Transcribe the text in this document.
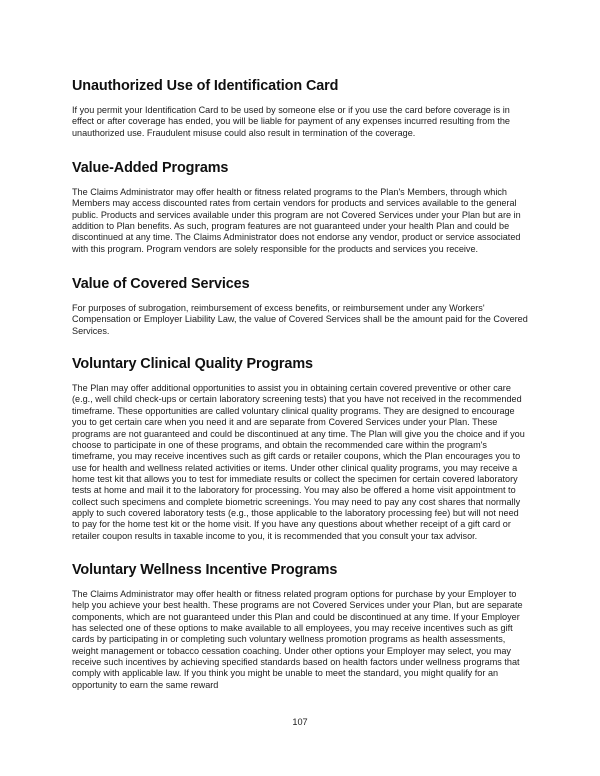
Unauthorized Use of Identification Card

If you permit your Identification Card to be used by someone else or if you use the card before coverage is in effect or after coverage has ended, you will be liable for payment of any expenses incurred resulting from the unauthorized use. Fraudulent misuse could also result in termination of the coverage.

Value-Added Programs

The Claims Administrator may offer health or fitness related programs to the Plan's Members, through which Members may access discounted rates from certain vendors for products and services available to the general public. Products and services available under this program are not Covered Services under your Plan but are in addition to Plan benefits. As such, program features are not guaranteed under your health Plan and could be discontinued at any time. The Claims Administrator does not endorse any vendor, product or service associated with this program. Program vendors are solely responsible for the products and services you receive.

Value of Covered Services

For purposes of subrogation, reimbursement of excess benefits, or reimbursement under any Workers' Compensation or Employer Liability Law, the value of Covered Services shall be the amount paid for the Covered Services.

Voluntary Clinical Quality Programs

The Plan may offer additional opportunities to assist you in obtaining certain covered preventive or other care (e.g., well child check-ups or certain laboratory screening tests) that you have not received in the recommended timeframe. These opportunities are called voluntary clinical quality programs. They are designed to encourage you to get certain care when you need it and are separate from Covered Services under your Plan. These programs are not guaranteed and could be discontinued at any time. The Plan will give you the choice and if you choose to participate in one of these programs, and obtain the recommended care within the program's timeframe, you may receive incentives such as gift cards or retailer coupons, which the Plan encourages you to use for health and wellness related activities or items. Under other clinical quality programs, you may receive a home test kit that allows you to test for immediate results or collect the specimen for certain covered laboratory tests at home and mail it to the laboratory for processing. You may also be offered a home visit appointment to collect such specimens and complete biometric screenings. You may need to pay any cost shares that normally apply to such covered laboratory tests (e.g., those applicable to the laboratory processing fee) but will not need to pay for the home test kit or the home visit. If you have any questions about whether receipt of a gift card or retailer coupon results in taxable income to you, it is recommended that you consult your tax advisor.

Voluntary Wellness Incentive Programs

The Claims Administrator may offer health or fitness related program options for purchase by your Employer to help you achieve your best health. These programs are not Covered Services under your Plan, but are separate components, which are not guaranteed under this Plan and could be discontinued at any time. If your Employer has selected one of these options to make available to all employees, you may receive incentives such as gift cards by participating in or completing such voluntary wellness promotion programs as health assessments, weight management or tobacco cessation coaching. Under other options your Employer may select, you may receive such incentives by achieving specified standards based on health factors under wellness programs that comply with applicable law. If you think you might be unable to meet the standard, you might qualify for an opportunity to earn the same reward

107
